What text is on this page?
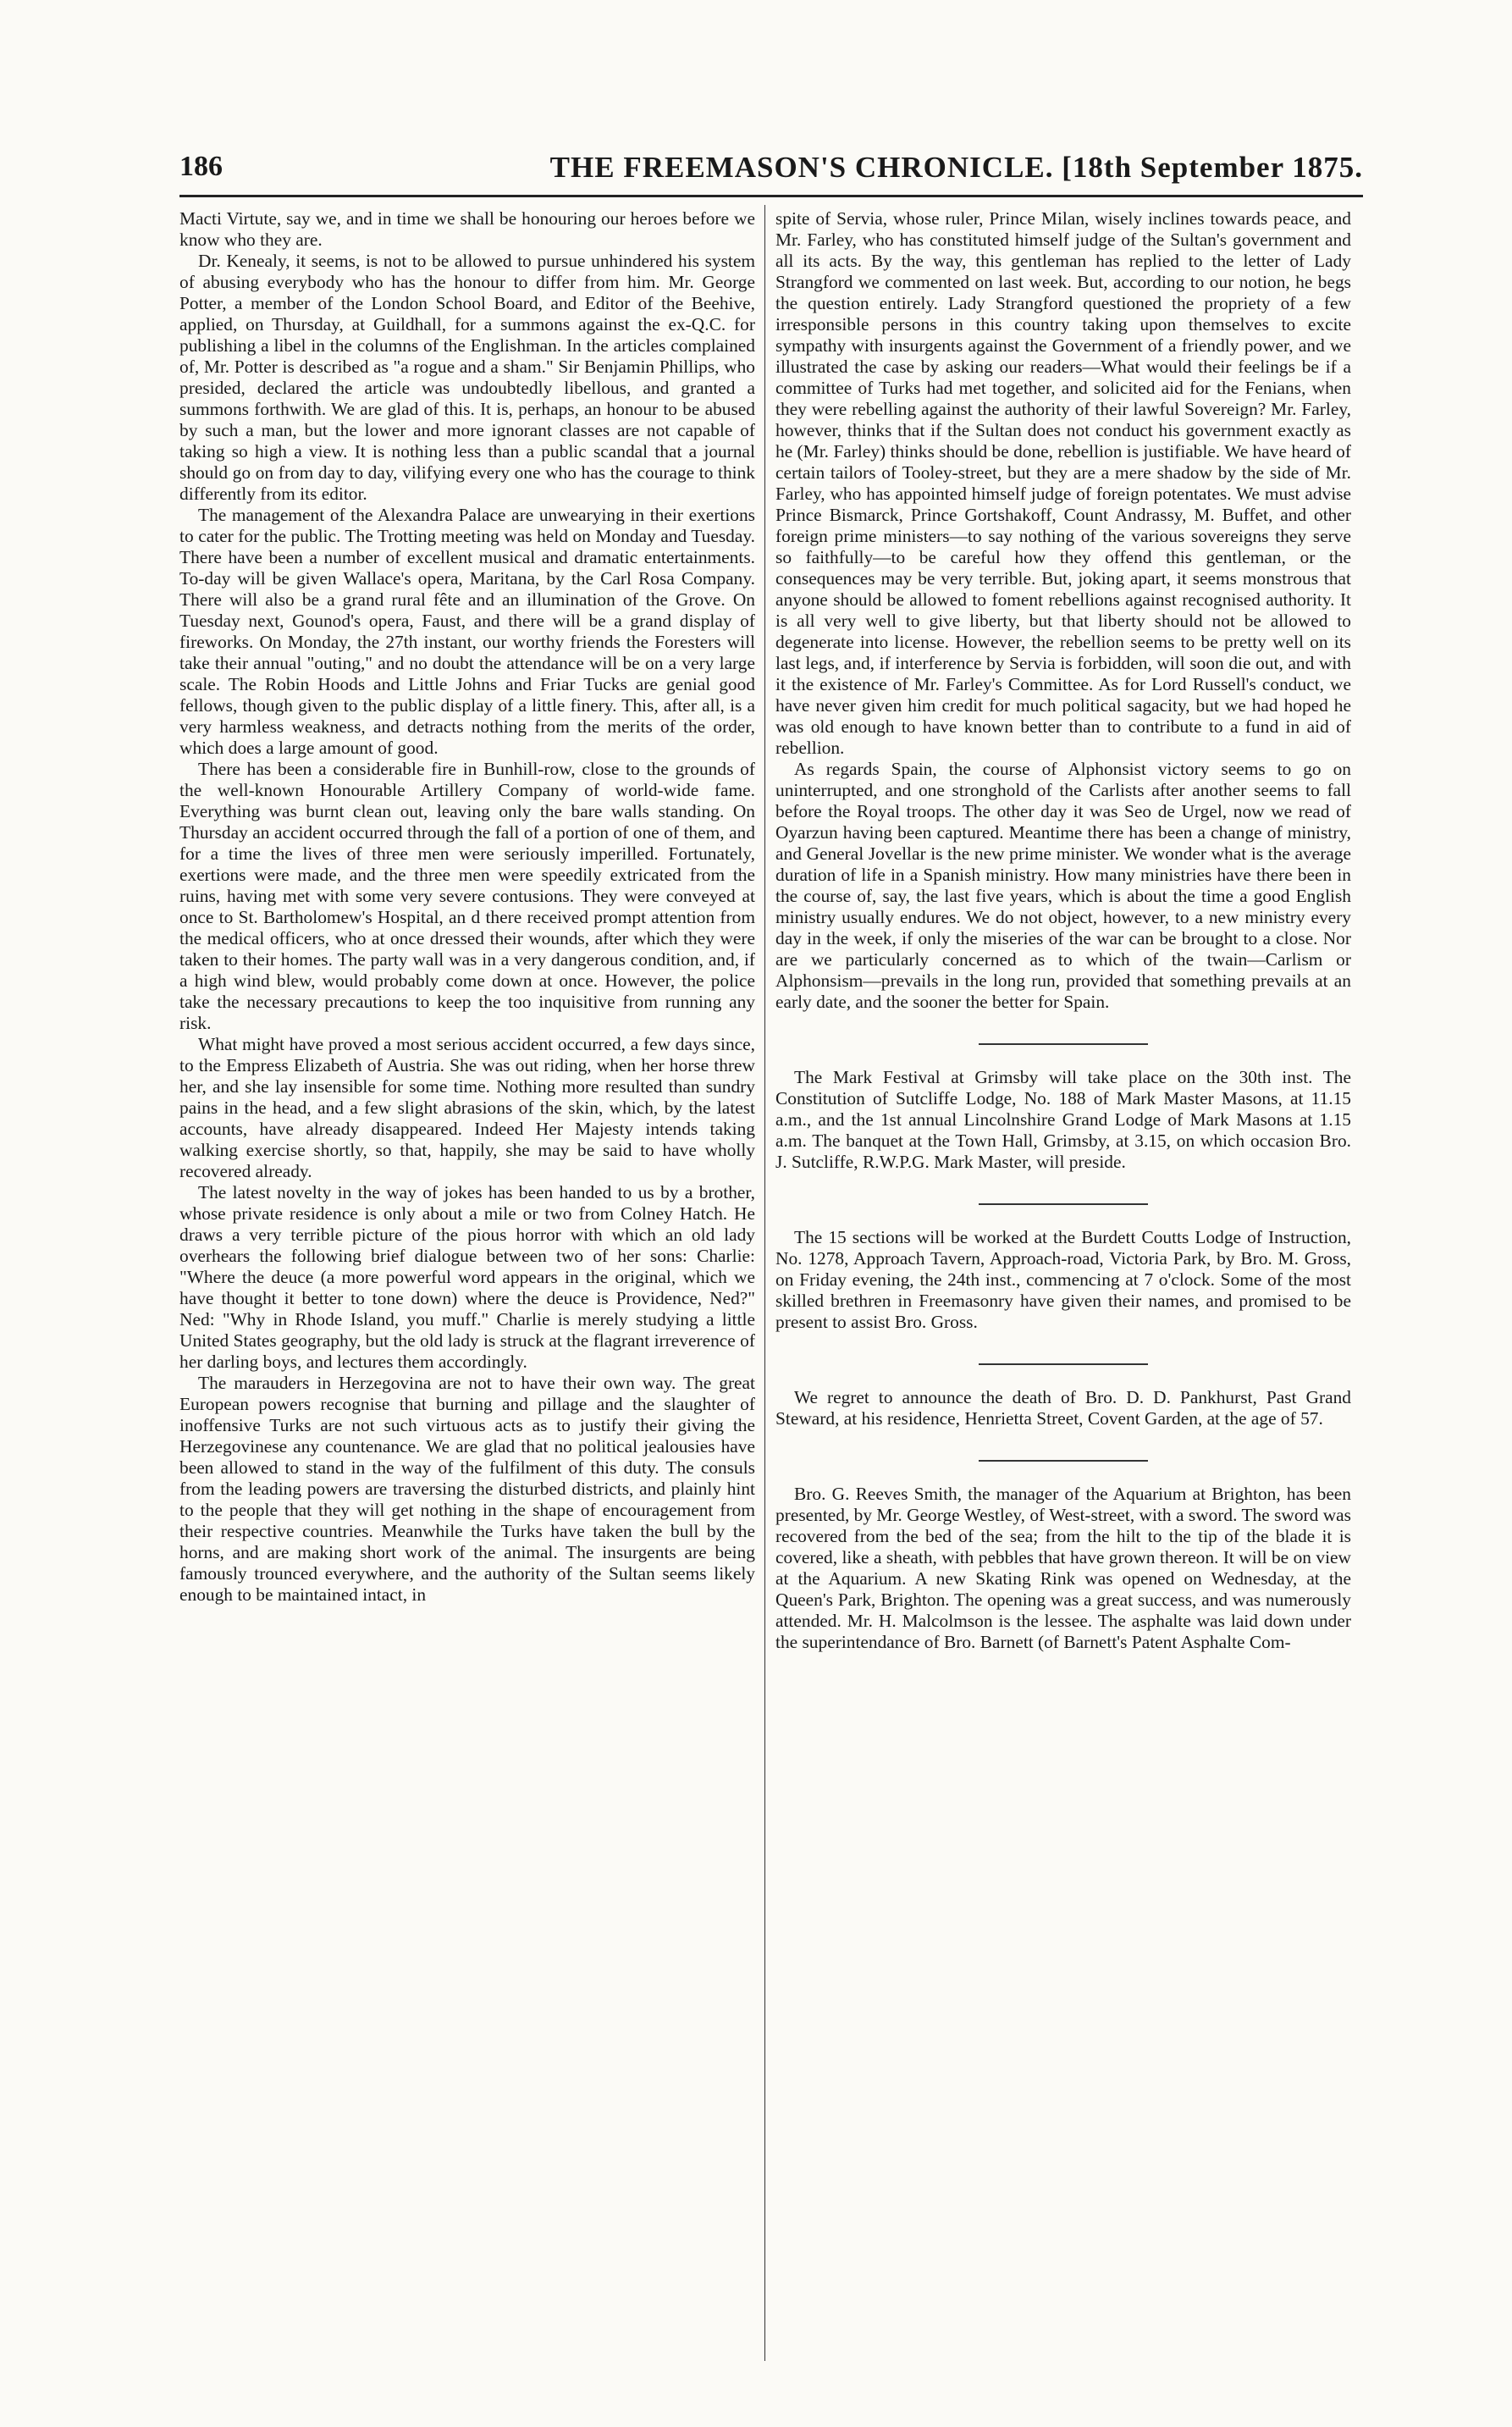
186	THE FREEMASON'S CHRONICLE. [18th September 1875.

Macti Virtute, say we, and in time we shall be honouring our heroes before we know who they are.

Dr. Kenealy, it seems, is not to be allowed to pursue unhindered his system of abusing everybody who has the honour to differ from him. Mr. George Potter, a member of the London School Board, and Editor of the Beehive, applied, on Thursday, at Guildhall, for a summons against the ex-Q.C. for publishing a libel in the columns of the Englishman. In the articles complained of, Mr. Potter is described as "a rogue and a sham." Sir Benjamin Phillips, who presided, declared the article was undoubtedly libellous, and granted a summons forthwith. We are glad of this. It is, perhaps, an honour to be abused by such a man, but the lower and more ignorant classes are not capable of taking so high a view. It is nothing less than a public scandal that a journal should go on from day to day, vilifying every one who has the courage to think differently from its editor.

The management of the Alexandra Palace are unwearying in their exertions to cater for the public. The Trotting meeting was held on Monday and Tuesday. There have been a number of excellent musical and dramatic entertainments. To-day will be given Wallace's opera, Maritana, by the Carl Rosa Company. There will also be a grand rural fête and an illumination of the Grove. On Tuesday next, Gounod's opera, Faust, and there will be a grand display of fireworks. On Monday, the 27th instant, our worthy friends the Foresters will take their annual "outing," and no doubt the attendance will be on a very large scale. The Robin Hoods and Little Johns and Friar Tucks are genial good fellows, though given to the public display of a little finery. This, after all, is a very harmless weakness, and detracts nothing from the merits of the order, which does a large amount of good.

There has been a considerable fire in Bunhill-row, close to the grounds of the well-known Honourable Artillery Company of world-wide fame. Everything was burnt clean out, leaving only the bare walls standing. On Thursday an accident occurred through the fall of a portion of one of them, and for a time the lives of three men were seriously imperilled. Fortunately, exertions were made, and the three men were speedily extricated from the ruins, having met with some very severe contusions. They were conveyed at once to St. Bartholomew's Hospital, an d there received prompt attention from the medical officers, who at once dressed their wounds, after which they were taken to their homes. The party wall was in a very dangerous condition, and, if a high wind blew, would probably come down at once. However, the police take the necessary precautions to keep the too inquisitive from running any risk.

What might have proved a most serious accident occurred, a few days since, to the Empress Elizabeth of Austria. She was out riding, when her horse threw her, and she lay insensible for some time. Nothing more resulted than sundry pains in the head, and a few slight abrasions of the skin, which, by the latest accounts, have already disappeared. Indeed Her Majesty intends taking walking exercise shortly, so that, happily, she may be said to have wholly recovered already.

The latest novelty in the way of jokes has been handed to us by a brother, whose private residence is only about a mile or two from Colney Hatch. He draws a very terrible picture of the pious horror with which an old lady overhears the following brief dialogue between two of her sons: Charlie: "Where the deuce (a more powerful word appears in the original, which we have thought it better to tone down) where the deuce is Providence, Ned?" Ned: "Why in Rhode Island, you muff." Charlie is merely studying a little United States geography, but the old lady is struck at the flagrant irreverence of her darling boys, and lectures them accordingly.

The marauders in Herzegovina are not to have their own way. The great European powers recognise that burning and pillage and the slaughter of inoffensive Turks are not such virtuous acts as to justify their giving the Herzegovinese any countenance. We are glad that no political jealousies have been allowed to stand in the way of the fulfilment of this duty. The consuls from the leading powers are traversing the disturbed districts, and plainly hint to the people that they will get nothing in the shape of encouragement from their respective countries. Meanwhile the Turks have taken the bull by the horns, and are making short work of the animal. The insurgents are being famously trounced everywhere, and the authority of the Sultan seems likely enough to be maintained intact, in

spite of Servia, whose ruler, Prince Milan, wisely inclines towards peace, and Mr. Farley, who has constituted himself judge of the Sultan's government and all its acts. By the way, this gentleman has replied to the letter of Lady Strangford we commented on last week. But, according to our notion, he begs the question entirely. Lady Strangford questioned the propriety of a few irresponsible persons in this country taking upon themselves to excite sympathy with insurgents against the Government of a friendly power, and we illustrated the case by asking our readers—What would their feelings be if a committee of Turks had met together, and solicited aid for the Fenians, when they were rebelling against the authority of their lawful Sovereign? Mr. Farley, however, thinks that if the Sultan does not conduct his government exactly as he (Mr. Farley) thinks should be done, rebellion is justifiable. We have heard of certain tailors of Tooley-street, but they are a mere shadow by the side of Mr. Farley, who has appointed himself judge of foreign potentates. We must advise Prince Bismarck, Prince Gortshakoff, Count Andrassy, M. Buffet, and other foreign prime ministers—to say nothing of the various sovereigns they serve so faithfully—to be careful how they offend this gentleman, or the consequences may be very terrible. But, joking apart, it seems monstrous that anyone should be allowed to foment rebellions against recognised authority. It is all very well to give liberty, but that liberty should not be allowed to degenerate into license. However, the rebellion seems to be pretty well on its last legs, and, if interference by Servia is forbidden, will soon die out, and with it the existence of Mr. Farley's Committee. As for Lord Russell's conduct, we have never given him credit for much political sagacity, but we had hoped he was old enough to have known better than to contribute to a fund in aid of rebellion.

As regards Spain, the course of Alphonsist victory seems to go on uninterrupted, and one stronghold of the Carlists after another seems to fall before the Royal troops. The other day it was Seo de Urgel, now we read of Oyarzun having been captured. Meantime there has been a change of ministry, and General Jovellar is the new prime minister. We wonder what is the average duration of life in a Spanish ministry. How many ministries have there been in the course of, say, the last five years, which is about the time a good English ministry usually endures. We do not object, however, to a new ministry every day in the week, if only the miseries of the war can be brought to a close. Nor are we particularly concerned as to which of the twain—Carlism or Alphonsism—prevails in the long run, provided that something prevails at an early date, and the sooner the better for Spain.

The Mark Festival at Grimsby will take place on the 30th inst. The Constitution of Sutcliffe Lodge, No. 188 of Mark Master Masons, at 11.15 a.m., and the 1st annual Lincolnshire Grand Lodge of Mark Masons at 1.15 a.m. The banquet at the Town Hall, Grimsby, at 3.15, on which occasion Bro. J. Sutcliffe, R.W.P.G. Mark Master, will preside.

The 15 sections will be worked at the Burdett Coutts Lodge of Instruction, No. 1278, Approach Tavern, Approach-road, Victoria Park, by Bro. M. Gross, on Friday evening, the 24th inst., commencing at 7 o'clock. Some of the most skilled brethren in Freemasonry have given their names, and promised to be present to assist Bro. Gross.

We regret to announce the death of Bro. D. D. Pankhurst, Past Grand Steward, at his residence, Henrietta Street, Covent Garden, at the age of 57.

Bro. G. Reeves Smith, the manager of the Aquarium at Brighton, has been presented, by Mr. George Westley, of West-street, with a sword. The sword was recovered from the bed of the sea; from the hilt to the tip of the blade it is covered, like a sheath, with pebbles that have grown thereon. It will be on view at the Aquarium. A new Skating Rink was opened on Wednesday, at the Queen's Park, Brighton. The opening was a great success, and was numerously attended. Mr. H. Malcolmson is the lessee. The asphalte was laid down under the superintendance of Bro. Barnett (of Barnett's Patent Asphalte Com-
